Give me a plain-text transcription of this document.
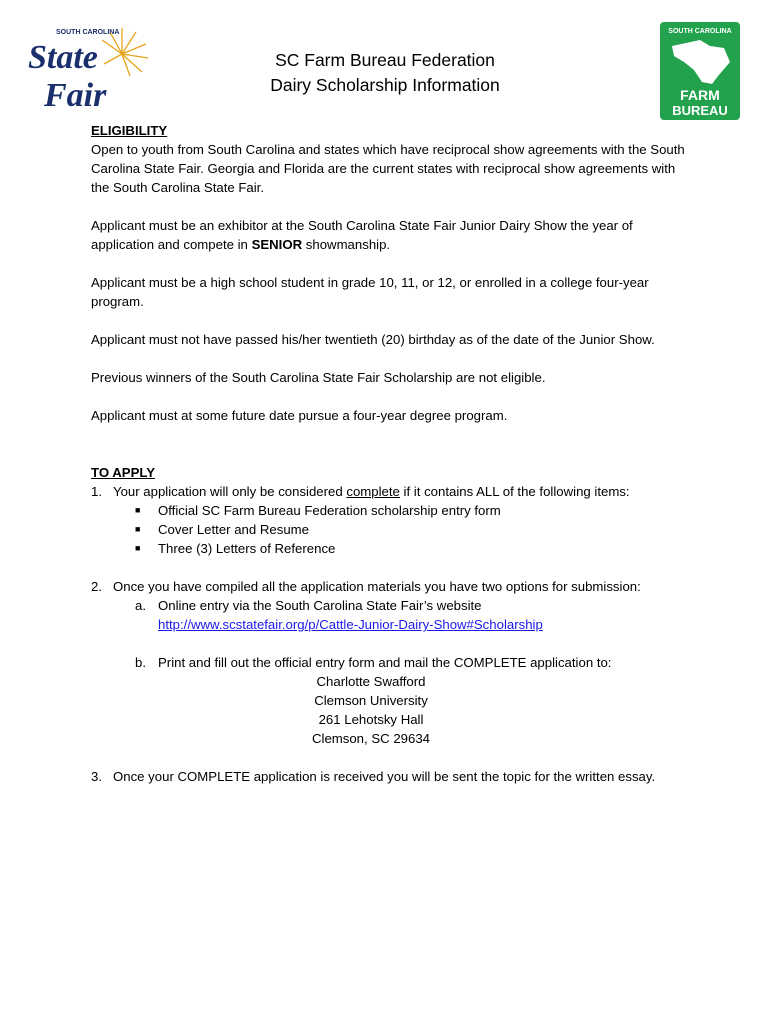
SOUTH CAROLINA
State
Fair
SOUTH CAROLINA
FARM
BUREAU
SC Farm Bureau Federation
Dairy Scholarship Information

ELIGIBILITY

Open to youth from South Carolina and states which have reciprocal show agreements with the South Carolina State Fair. Georgia and Florida are the current states with reciprocal show agreements with the South Carolina State Fair.

Applicant must be an exhibitor at the South Carolina State Fair Junior Dairy Show the year of application and compete in SENIOR showmanship.

Applicant must be a high school student in grade 10, 11, or 12, or enrolled in a college four-year program.

Applicant must not have passed his/her twentieth (20) birthday as of the date of the Junior Show.

Previous winners of the South Carolina State Fair Scholarship are not eligible.

Applicant must at some future date pursue a four-year degree program.

TO APPLY

1. Your application will only be considered complete if it contains ALL of the following items:
■	Official SC Farm Bureau Federation scholarship entry form
■	Cover Letter and Resume
■	Three (3) Letters of Reference
2. Once you have compiled all the application materials you have two options for submission:
a. Online entry via the South Carolina State Fair’s website
http://www.scstatefair.org/p/Cattle-Junior-Dairy-Show#Scholarship
b. Print and fill out the official entry form and mail the COMPLETE application to:
Charlotte Swafford
Clemson University
261 Lehotsky Hall
Clemson, SC 29634
3. Once your COMPLETE application is received you will be sent the topic for the written essay.
